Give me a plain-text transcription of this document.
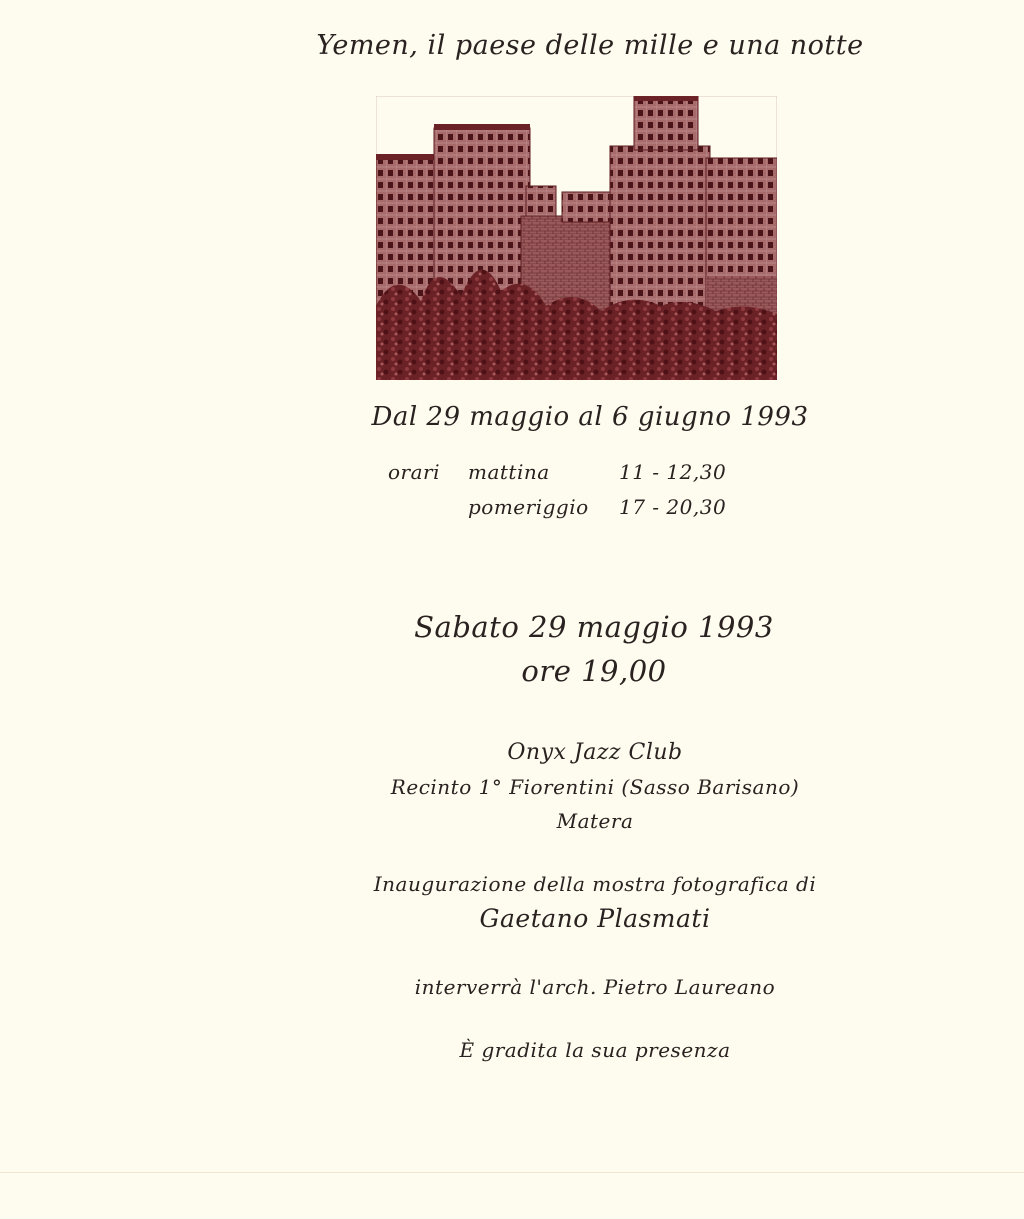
Yemen, il paese delle mille e una notte
Dal 29 maggio al 6 giugno 1993
orari mattina	11 - 12,30
pomeriggio 17 - 20,30
Sabato 29 maggio 1993
ore 19,00
Onyx Jazz Club
Recinto 1° Fiorentini (Sasso Barisano)
Matera
Inaugurazione della mostra fotografica di
Gaetano Plasmati
interverrà l'arch. Pietro Laureano
È gradita la sua presenza
